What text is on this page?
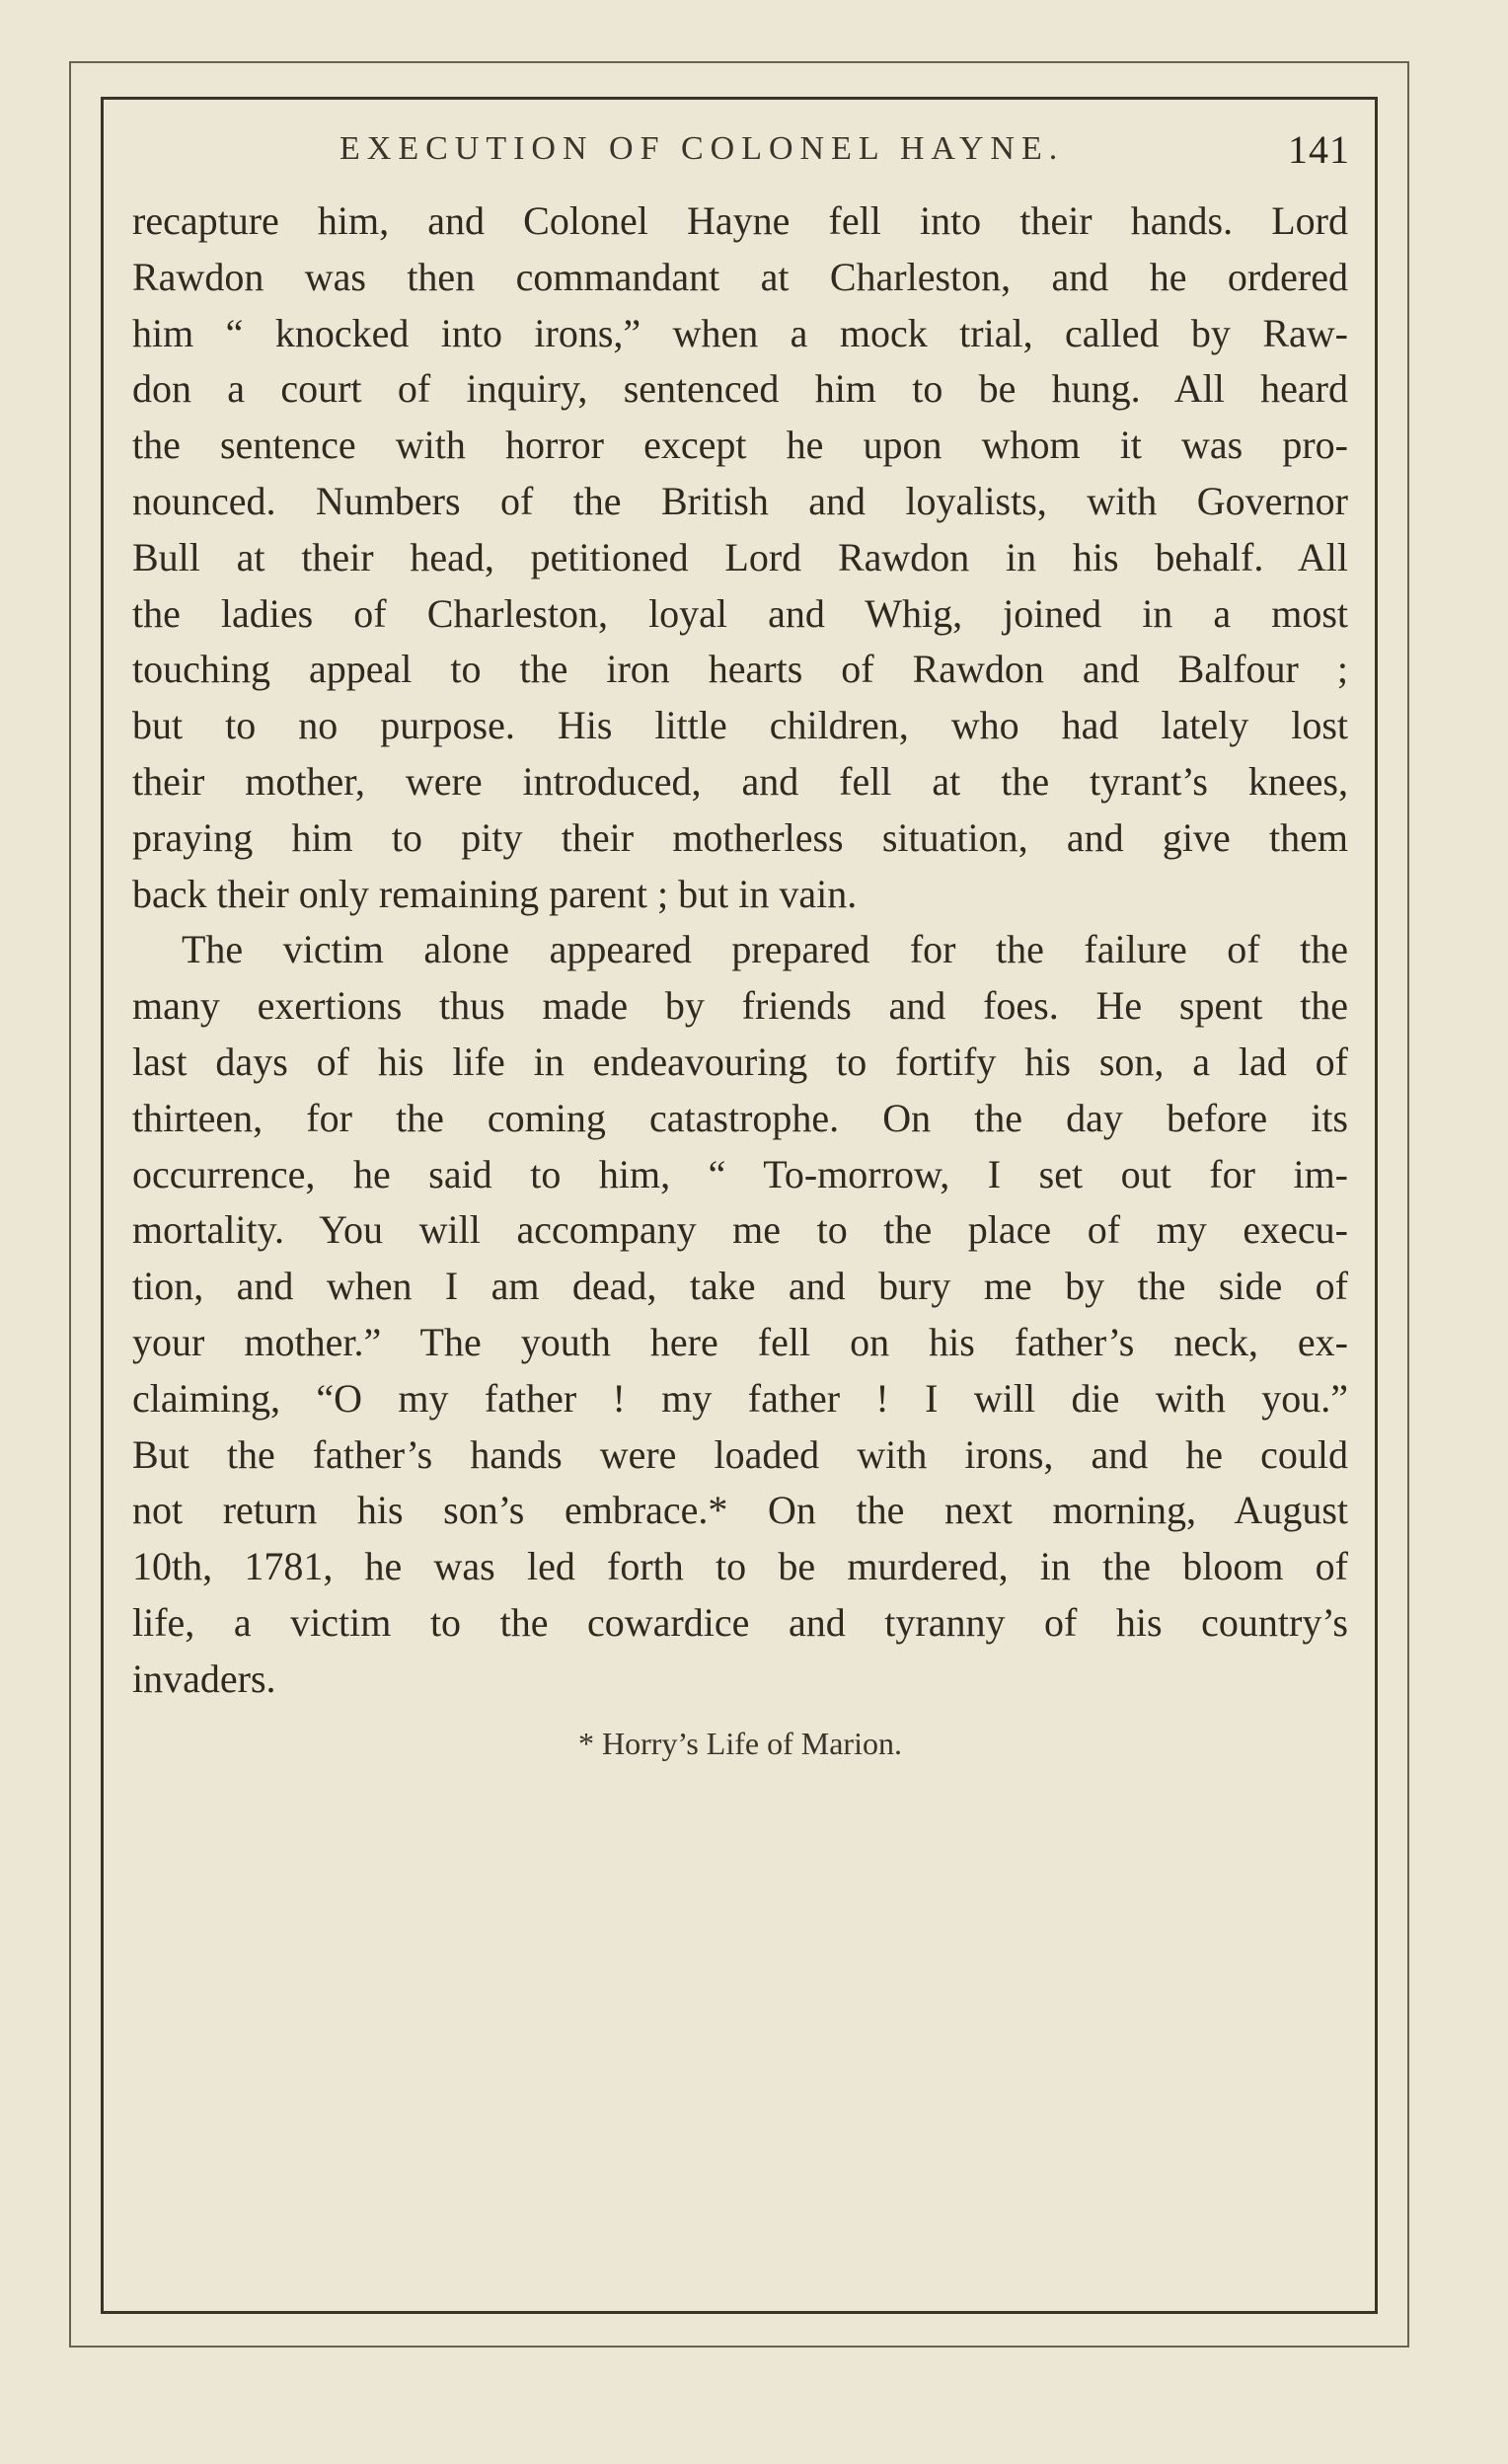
EXECUTION OF COLONEL HAYNE.	141
recapture him, and Colonel Hayne fell into their hands. Lord
Rawdon was then commandant at Charleston, and he ordered
him “ knocked into irons,” when a mock trial, called by Raw-
don a court of inquiry, sentenced him to be hung. All heard
the sentence with horror except he upon whom it was pro-
nounced. Numbers of the British and loyalists, with Governor
Bull at their head, petitioned Lord Rawdon in his behalf. All
the ladies of Charleston, loyal and Whig, joined in a most
touching appeal to the iron hearts of Rawdon and Balfour ;
but to no purpose. His little children, who had lately lost
their mother, were introduced, and fell at the tyrant’s knees,
praying him to pity their motherless situation, and give them
back their only remaining parent ; but in vain.
The victim alone appeared prepared for the failure of the
many exertions thus made by friends and foes. He spent the
last days of his life in endeavouring to fortify his son, a lad of
thirteen, for the coming catastrophe. On the day before its
occurrence, he said to him, “ To-morrow, I set out for im-
mortality. You will accompany me to the place of my execu-
tion, and when I am dead, take and bury me by the side of
your mother.” The youth here fell on his father’s neck, ex-
claiming, “O my father ! my father ! I will die with you.”
But the father’s hands were loaded with irons, and he could
not return his son’s embrace.* On the next morning, August
10th, 1781, he was led forth to be murdered, in the bloom of
life, a victim to the cowardice and tyranny of his country’s
invaders.
* Horry’s Life of Marion.
